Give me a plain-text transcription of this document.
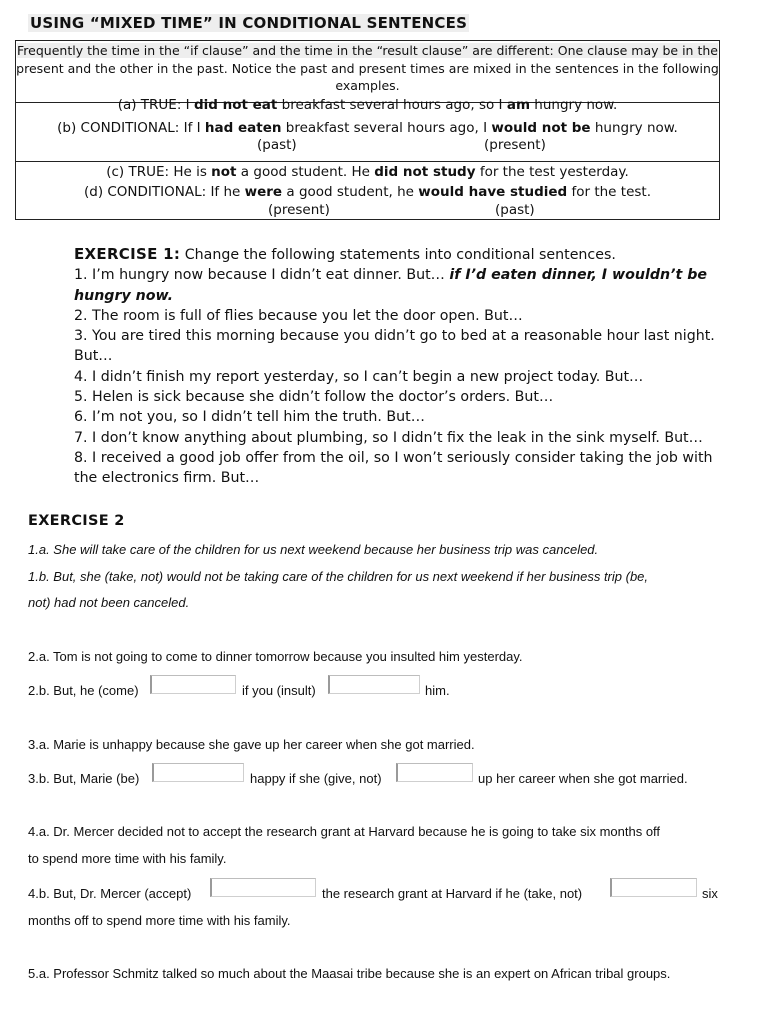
USING “MIXED TIME” IN CONDITIONAL SENTENCES
Frequently the time in the “if clause” and the time in the “result clause” are different: One clause may be in the
present and the other in the past. Notice the past and present times are mixed in the sentences in the following
examples.
(a) TRUE: I did not eat breakfast several hours ago, so I am hungry now.
(b) CONDITIONAL: If I had eaten breakfast several hours ago, I would not be hungry now.
(past)	(present)
(c) TRUE: He is not a good student. He did not study for the test yesterday.
(d) CONDITIONAL: If he were a good student, he would have studied for the test.
(present)	(past)

EXERCISE 1: Change the following statements into conditional sentences.

1. I’m hungry now because I didn’t eat dinner. But… if I’d eaten dinner, I wouldn’t be hungry now.

2. The room is full of flies because you let the door open. But…

3. You are tired this morning because you didn’t go to bed at a reasonable hour last night. But…

4. I didn’t finish my report yesterday, so I can’t begin a new project today. But…

5. Helen is sick because she didn’t follow the doctor’s orders. But…

6. I’m not you, so I didn’t tell him the truth. But…

7. I don’t know anything about plumbing, so I didn’t fix the leak in the sink myself. But…

8. I received a good job offer from the oil, so I won’t seriously consider taking the job with the electronics firm. But…

EXERCISE 2
1.a. She will take care of the children for us next weekend because her business trip was canceled.
1.b. But, she (take, not) would not be taking care of the children for us next weekend if her business trip (be,
not) had not been canceled.
2.a. Tom is not going to come to dinner tomorrow because you insulted him yesterday.
2.b. But, he (come)	if you (insult)	him.
3.a. Marie is unhappy because she gave up her career when she got married.
3.b. But, Marie (be)	happy if she (give, not)	up her career when she got married.
4.a. Dr. Mercer decided not to accept the research grant at Harvard because he is going to take six months off
to spend more time with his family.
4.b. But, Dr. Mercer (accept)	the research grant at Harvard if he (take, not)	six
months off to spend more time with his family.
5.a. Professor Schmitz talked so much about the Maasai tribe because she is an expert on African tribal groups.
